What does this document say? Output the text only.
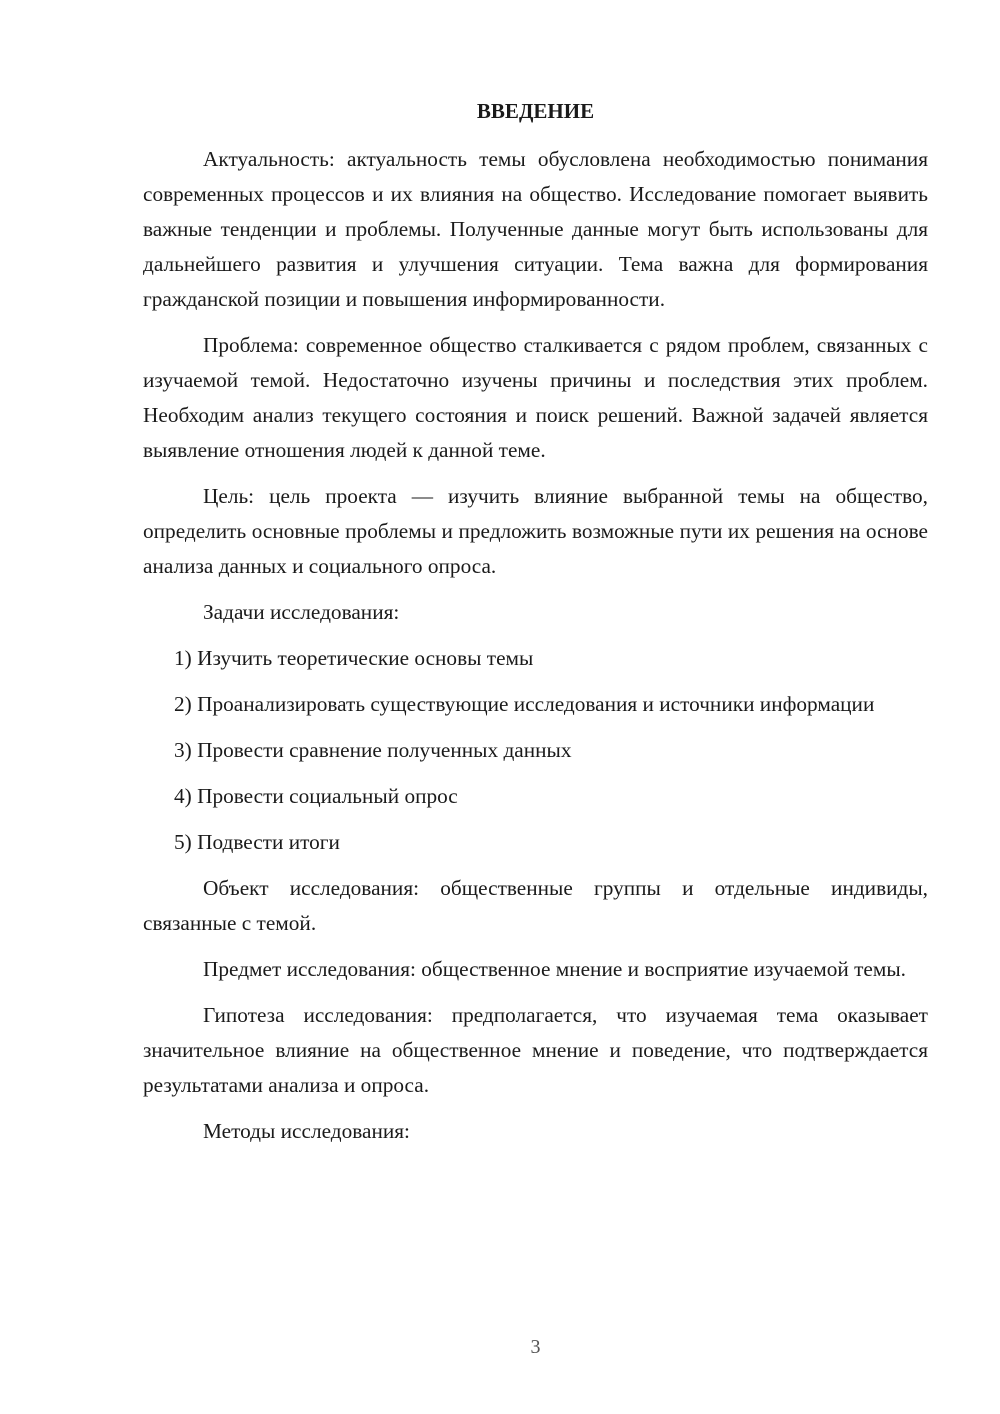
ВВЕДЕНИЕ

Актуальность: актуальность темы обусловлена необходимостью понимания современных процессов и их влияния на общество. Исследование помогает выявить важные тенденции и проблемы. Полученные данные могут быть использованы для дальнейшего развития и улучшения ситуации. Тема важна для формирования гражданской позиции и повышения информированности.

Проблема: современное общество сталкивается с рядом проблем, связанных с изучаемой темой. Недостаточно изучены причины и последствия этих проблем. Необходим анализ текущего состояния и поиск решений. Важной задачей является выявление отношения людей к данной теме.

Цель: цель проекта — изучить влияние выбранной темы на общество, определить основные проблемы и предложить возможные пути их решения на основе анализа данных и социального опроса.

Задачи исследования:

1) Изучить теоретические основы темы

2) Проанализировать существующие исследования и источники информации

3) Провести сравнение полученных данных

4) Провести социальный опрос

5) Подвести итоги

Объект исследования: общественные группы и отдельные индивиды, связанные с темой.

Предмет исследования: общественное мнение и восприятие изучаемой темы.

Гипотеза исследования: предполагается, что изучаемая тема оказывает значительное влияние на общественное мнение и поведение, что подтверждается результатами анализа и опроса.

Методы исследования:

3
